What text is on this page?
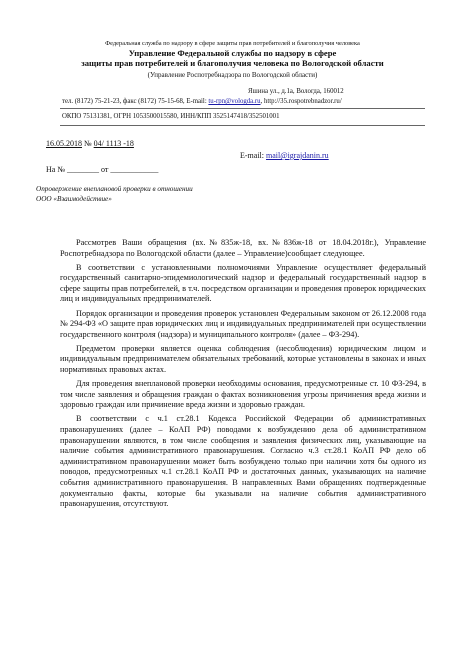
Федеральная служба по надзору в сфере защиты прав потребителей и благополучия человека
Управление Федеральной службы по надзору в сфере
защиты прав потребителей и благополучия человека по Вологодской области
(Управление Роспотребнадзора по Вологодской области)
Яшина ул., д.1а, Вологда, 160012
тел. (8172) 75-21-23, факс (8172) 75-15-68, E-mail: tu-rpn@vologda.ru, http://35.rospotrebnadzor.ru/
ОКПО 75131381, ОГРН 1053500015580, ИНН/КПП 3525147418/352501001
16.05.2018 № 04/ 1113 -18
E-mail: mail@igrajdanin.ru
На № ________ от ____________
Опровержение внеплановой проверки в отношении
ООО «Взаимодействие»

Рассмотрев Ваши обращения (вх.№835ж-18, вх.№836ж-18 от 18.04.2018г.), Управление Роспотребнадзора по Вологодской области (далее – Управление)сообщает следующее.

В соответствии с установленными полномочиями Управление осуществляет федеральный государственный санитарно-эпидемиологический надзор и федеральный государственный надзор в сфере защиты прав потребителей, в т.ч. посредством организации и проведения проверок юридических лиц и индивидуальных предпринимателей.

Порядок организации и проведения проверок установлен Федеральным законом от 26.12.2008 года № 294-ФЗ «О защите прав юридических лиц и индивидуальных предпринимателей при осуществлении государственного контроля (надзора) и муниципального контроля» (далее – ФЗ-294).

Предметом проверки является оценка соблюдения (несоблюдения) юридическим лицом и индивидуальным предпринимателем обязательных требований, которые установлены в законах и иных нормативных правовых актах.

Для проведения внеплановой проверки необходимы основания, предусмотренные ст. 10 ФЗ-294, в том числе заявления и обращения граждан о фактах возникновения угрозы причинения вреда жизни и здоровью граждан или причинение вреда жизни и здоровью граждан.

В соответствии с ч.1 ст.28.1 Кодекса Российской Федерации об административных правонарушениях (далее – КоАП РФ) поводами к возбуждению дела об административном правонарушении являются, в том числе сообщения и заявления физических лиц, указывающие на наличие события административного правонарушения. Согласно ч.3 ст.28.1 КоАП РФ дело об административном правонарушении может быть возбуждено только при наличии хотя бы одного из поводов, предусмотренных ч.1 ст.28.1 КоАП РФ и достаточных данных, указывающих на наличие события административного правонарушения. В направленных Вами обращениях подтвержденные документально факты, которые бы указывали на наличие события административного правонарушения, отсутствуют.
